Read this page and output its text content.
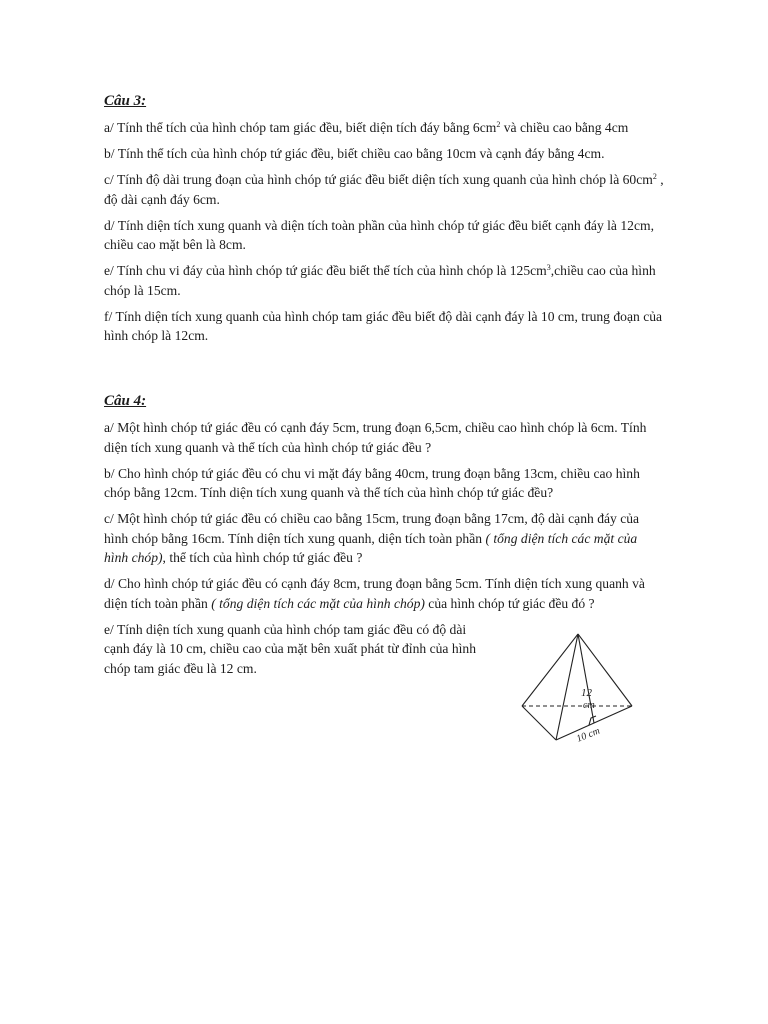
Câu 3:

a/ Tính thể tích của hình chóp tam giác đều, biết diện tích đáy bằng $6cm^2$ và chiều cao bằng 4cm

b/ Tính thể tích của hình chóp tứ giác đều, biết chiều cao bằng 10cm và cạnh đáy bằng 4cm.

c/ Tính độ dài trung đoạn của hình chóp tứ giác đều biết diện tích xung quanh của hình chóp là $60cm^2$ , độ dài cạnh đáy 6cm.

d/ Tính diện tích xung quanh và diện tích toàn phần của hình chóp tứ giác đều biết cạnh đáy là 12cm, chiều cao mặt bên là 8cm.

e/ Tính chu vi đáy của hình chóp tứ giác đều biết thể tích của hình chóp là $125cm^3,chiều$ cao của hình chóp là 15cm.

f/ Tính diện tích xung quanh của hình chóp tam giác đều biết độ dài cạnh đáy là 10 cm, trung đoạn của hình chóp là 12cm.

Câu 4:

a/ Một hình chóp tứ giác đều có cạnh đáy 5cm, trung đoạn 6,5cm, chiều cao hình chóp là 6cm. Tính diện tích xung quanh và thể tích của hình chóp tứ giác đều ?

b/ Cho hình chóp tứ giác đều có chu vi mặt đáy bằng 40cm, trung đoạn bằng 13cm, chiều cao hình chóp bằng 12cm. Tính diện tích xung quanh và thể tích của hình chóp tứ giác đều?

c/ Một hình chóp tứ giác đều có chiều cao bằng 15cm, trung đoạn bằng 17cm, độ dài cạnh đáy của hình chóp bằng 16cm. Tính diện tích xung quanh, diện tích toàn phần ( tổng diện tích các mặt của hình chóp), thể tích của hình chóp tứ giác đều ?

d/ Cho hình chóp tứ giác đều có cạnh đáy 8cm, trung đoạn bằng 5cm. Tính diện tích xung quanh và diện tích toàn phần ( tổng diện tích các mặt của hình chóp) của hình chóp tứ giác đều đó ?

e/ Tính diện tích xung quanh của hình chóp tam giác đều có độ dài cạnh đáy là 10 cm, chiều cao của mặt bên xuất phát từ đỉnh của hình chóp tam giác đều là 12 cm.

12
cm
10 cm
